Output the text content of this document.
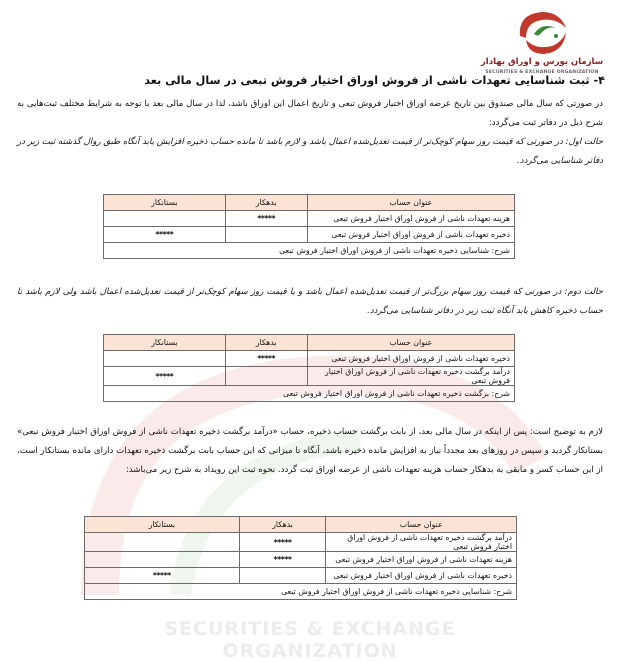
SECURITIES & EXCHANGE ORGANIZATION
سازمان بورس و اوراق بهادار
SECURITIES & EXCHANGE ORGANIZATION
۴- ثبت شناسایی تعهدات ناشی از فروش اوراق اختیار فروش تبعی در سال مالی بعد
در صورتی که سال مالی صندوق بین تاریخ عرضه اوراق اختیار فروش تبعی و تاریخ اعمال این اوراق باشد، لذا در سال مالی بعد با توجه به شرایط مختلف ثبت‌هایی به شرح ذیل در دفاتر ثبت می‌گردد:
حالت اول: در صورتی که قیمت روز سهام کوچک‌تر از قیمت تعدیل‌شده اعمال باشد و لازم باشد تا مانده حساب ذخیره افزایش یابد آنگاه طبق روال گذشته ثبت زیر در دفاتر شناسایی می‌گردد.
عنوان حساب	بدهکار	بستانکار
هزینه تعهدات ناشی از فروش اوراق اختیار فروش تبعی	*****	
ذخیره تعهدات ناشی از فروش اوراق اختیار فروش تبعی		*****
شرح: شناسایی ذخیره تعهدات ناشی از فروش اوراق اختیار فروش تبعی		
حالت دوم: در صورتی که قیمت روز سهام بزرگ‌تر از قیمت تعدیل‌شده اعمال باشد و یا قیمت روز سهام کوچک‌تر از قیمت تعدیل‌شده اعمال باشد ولی لازم باشد تا حساب ذخیره کاهش یابد آنگاه ثبت زیر در دفاتر شناسایی می‌گردد.
عنوان حساب	بدهکار	بستانکار
ذخیره تعهدات ناشی از فروش اوراق اختیار فروش تبعی	*****	
درآمد برگشت ذخیره تعهدات ناشی از فروش اوراق اختیار فروش تبعی		*****
شرح: برگشت ذخیره تعهدات ناشی از فروش اوراق اختیار فروش تبعی		
لازم به توضیح است: پس از اینکه در سال مالی بعد، از بابت برگشت حساب ذخیره، حساب «درآمد برگشت ذخیره تعهدات ناشی از فروش اوراق اختیار فروش تبعی» بستانکار گردید و سپس در روزهای بعد مجدداً نیاز به افزایش مانده ذخیره باشد، آنگاه تا میزانی که این حساب بابت برگشت ذخیره تعهدات دارای مانده بستانکار است، از این حساب کسر و مابقی به بدهکار حساب هزینه تعهدات ناشی از عرضه اوراق ثبت گردد. نحوه ثبت این رویداد به شرح زیر می‌باشد:
عنوان حساب	بدهکار	بستانکار
درآمد برگشت ذخیره تعهدات ناشی از فروش اوراق اختیار فروش تبعی	*****	
هزینه تعهدات ناشی از فروش اوراق اختیار فروش تبعی	*****	
ذخیره تعهدات ناشی از فروش اوراق اختیار فروش تبعی		*****
شرح: شناسایی ذخیره تعهدات ناشی از فروش اوراق اختیار فروش تبعی		
